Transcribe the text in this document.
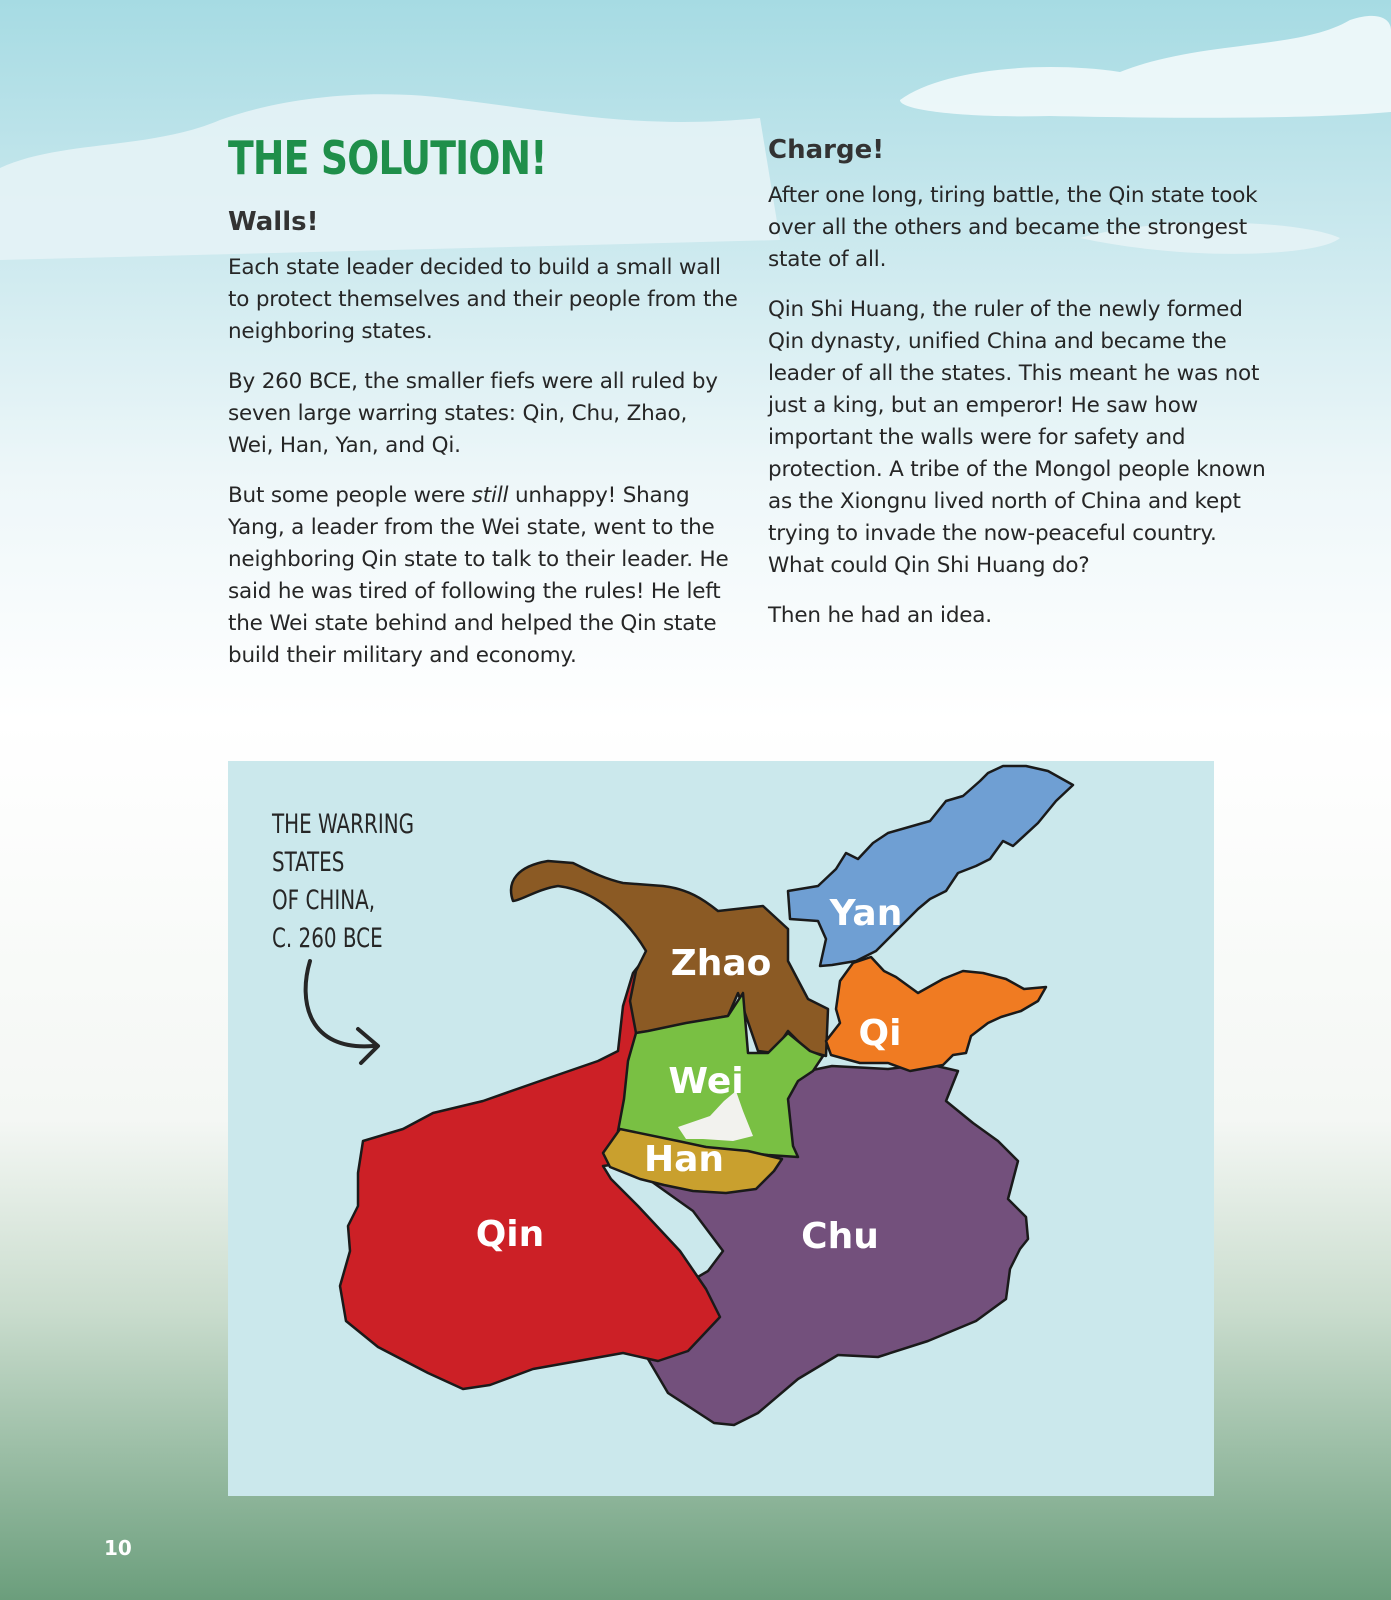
THE SOLUTION!
Walls!

Each state leader decided to build a small wall to protect themselves and their people from the neighboring states.

By 260 BCE, the smaller fiefs were all ruled by seven large warring states: Qin, Chu, Zhao, Wei, Han, Yan, and Qi.

But some people were still unhappy! Shang Yang, a leader from the Wei state, went to the neighboring Qin state to talk to their leader. He said he was tired of following the rules! He left the Wei state behind and helped the Qin state build their military and economy.

Charge!

After one long, tiring battle, the Qin state took over all the others and became the strongest state of all.

Qin Shi Huang, the ruler of the newly formed Qin dynasty, unified China and became the leader of all the states. This meant he was not just a king, but an emperor! He saw how important the walls were for safety and protection. A tribe of the Mongol people known as the Xiongnu lived north of China and kept trying to invade the now-peaceful country. What could Qin Shi Huang do?

Then he had an idea.

THE WARRING
STATES
OF CHINA,
C. 260 BCE

Qin	Chu
Zhao
Wei
Han
Yan
Qi

10
